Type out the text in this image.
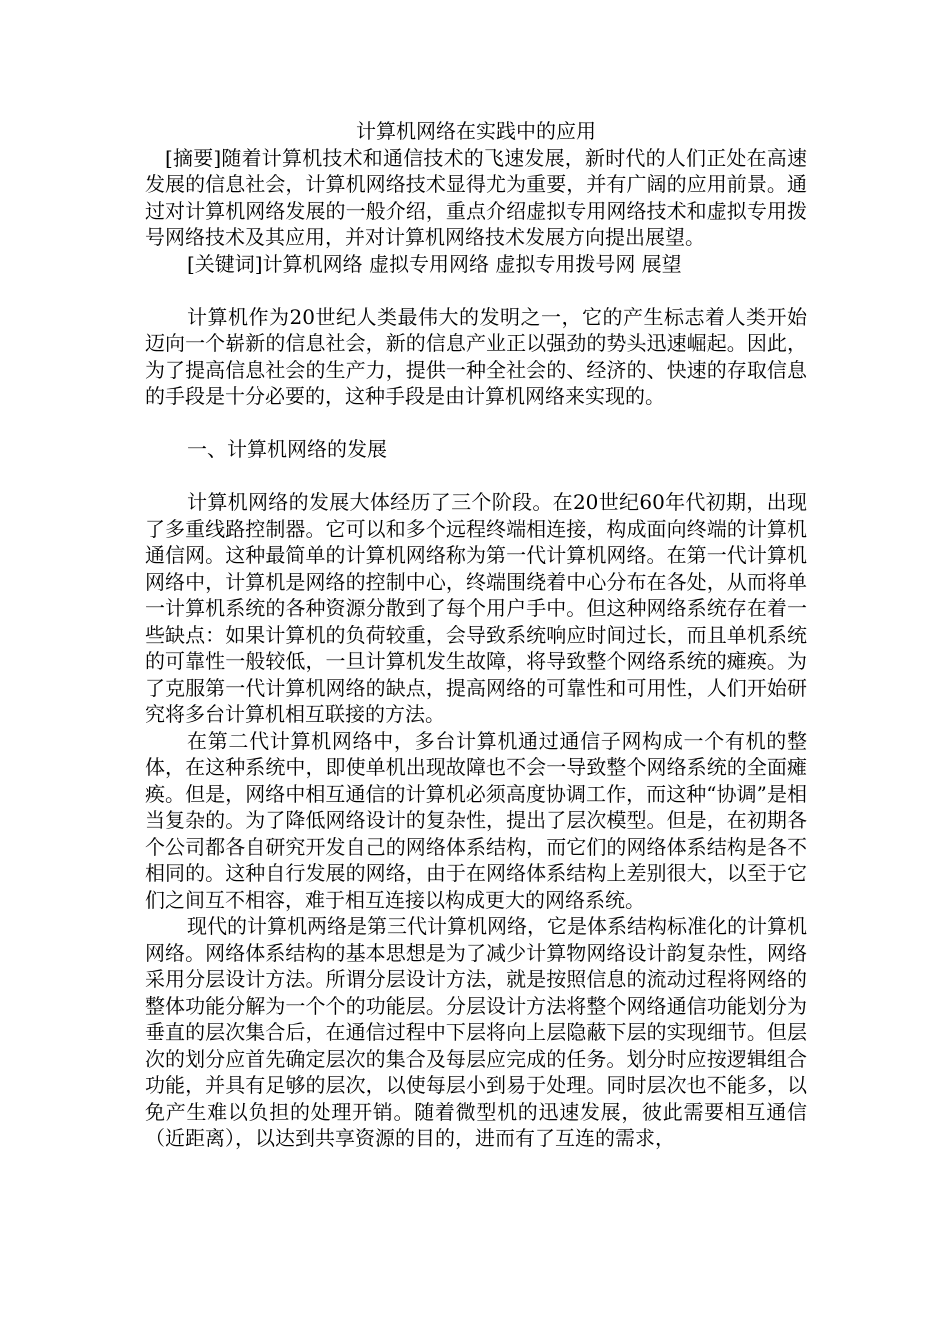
计算机网络在实践中的应用

[摘要]随着计算机技术和通信技术的飞速发展，新时代的人们正处在高速发展的信息社会，计算机网络技术显得尤为重要，并有广阔的应用前景。通过对计算机网络发展的一般介绍，重点介绍虚拟专用网络技术和虚拟专用拨号网络技术及其应用，并对计算机网络技术发展方向提出展望。

[关键词]计算机网络 虚拟专用网络 虚拟专用拨号网 展望

计算机作为20世纪人类最伟大的发明之一，它的产生标志着人类开始迈向一个崭新的信息社会，新的信息产业正以强劲的势头迅速崛起。因此，为了提高信息社会的生产力，提供一种全社会的、经济的、快速的存取信息的手段是十分必要的，这种手段是由计算机网络来实现的。

一、计算机网络的发展

计算机网络的发展大体经历了三个阶段。在20世纪60年代初期，出现了多重线路控制器。它可以和多个远程终端相连接，构成面向终端的计算机通信网。这种最简单的计算机网络称为第一代计算机网络。在第一代计算机网络中，计算机是网络的控制中心，终端围绕着中心分布在各处，从而将单一计算机系统的各种资源分散到了每个用户手中。但这种网络系统存在着一些缺点：如果计算机的负荷较重，会导致系统响应时间过长，而且单机系统的可靠性一般较低，一旦计算机发生故障，将导致整个网络系统的瘫痪。为了克服第一代计算机网络的缺点，提高网络的可靠性和可用性，人们开始研究将多台计算机相互联接的方法。

在第二代计算机网络中，多台计算机通过通信子网构成一个有机的整体，在这种系统中，即使单机出现故障也不会一导致整个网络系统的全面瘫痪。但是，网络中相互通信的计算机必须高度协调工作，而这种“协调”是相当复杂的。为了降低网络设计的复杂性，提出了层次模型。但是，在初期各个公司都各自研究开发自己的网络体系结构，而它们的网络体系结构是各不相同的。这种自行发展的网络，由于在网络体系结构上差别很大，以至于它们之间互不相容，难于相互连接以构成更大的网络系统。

现代的计算机两络是第三代计算机网络，它是体系结构标准化的计算机网络。网络体系结构的基本思想是为了减少计算物网络设计韵复杂性，网络采用分层设计方法。所谓分层设计方法，就是按照信息的流动过程将网络的整体功能分解为一个个的功能层。分层设计方法将整个网络通信功能划分为垂直的层次集合后，在通信过程中下层将向上层隐蔽下层的实现细节。但层次的划分应首先确定层次的集合及每层应完成的任务。划分时应按逻辑组合功能，并具有足够的层次，以使每层小到易于处理。同时层次也不能多，以免产生难以负担的处理开销。随着微型机的迅速发展，彼此需要相互通信（近距离），以达到共享资源的目的，进而有了互连的需求，
